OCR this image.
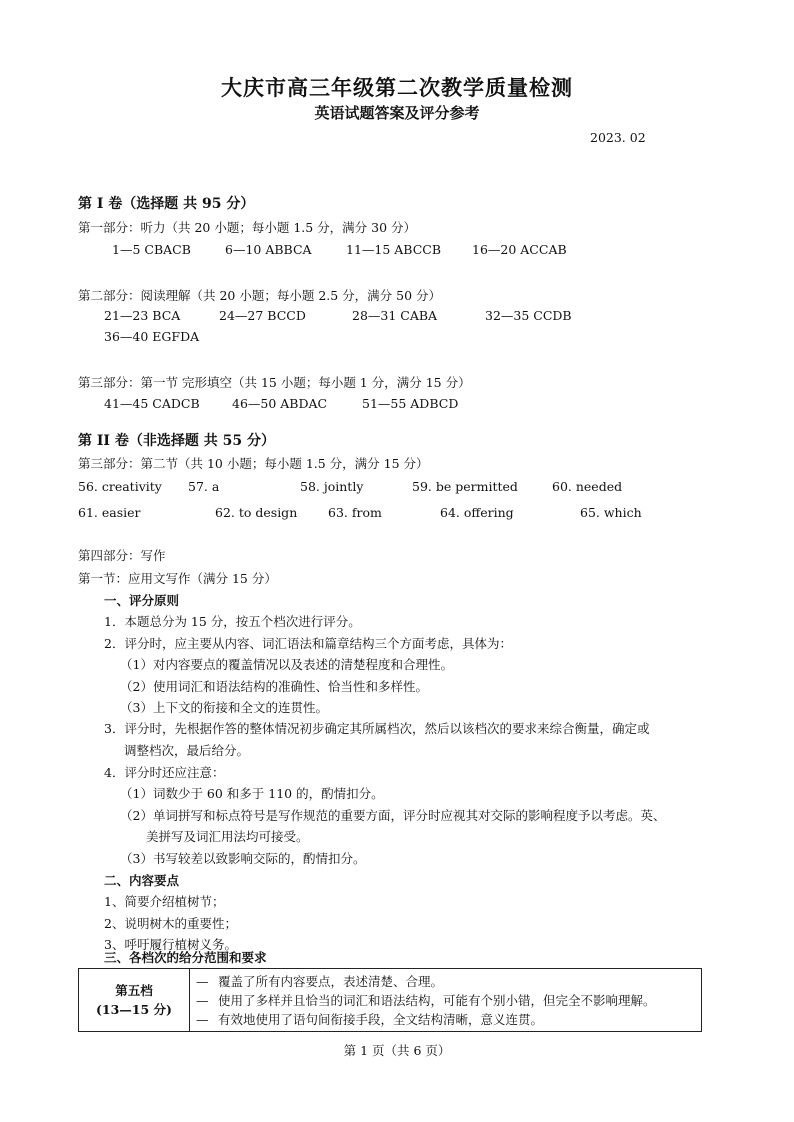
大庆市高三年级第二次教学质量检测
英语试题答案及评分参考
2023. 02
第 I 卷（选择题 共 95 分）
第一部分：听力（共 20 小题；每小题 1.5 分，满分 30 分）
1—5 CBACB	6—10 ABBCA	11—15 ABCCB 16—20 ACCAB
第二部分：阅读理解（共 20 小题；每小题 2.5 分，满分 50 分）
21—23 BCA	24—27 BCCD	28—31 CABA	32—35 CCDB
36—40 EGFDA
第三部分：第一节 完形填空（共 15 小题；每小题 1 分，满分 15 分）
41—45 CADCB	46—50 ABDAC	51—55 ADBCD
第 II 卷（非选择题 共 55 分）
第三部分：第二节（共 10 小题；每小题 1.5 分，满分 15 分）
56. creativity 57. a	58. jointly	59. be permitted	60. needed
61. easier	62. to design 63. from	64. offering	65. which
第四部分：写作
第一节：应用文写作（满分 15 分）
一、评分原则
1．本题总分为 15 分，按五个档次进行评分。
2．评分时，应主要从内容、词汇语法和篇章结构三个方面考虑，具体为：
（1）对内容要点的覆盖情况以及表述的清楚程度和合理性。
（2）使用词汇和语法结构的准确性、恰当性和多样性。
（3）上下文的衔接和全文的连贯性。
3．评分时，先根据作答的整体情况初步确定其所属档次，然后以该档次的要求来综合衡量，确定或
调整档次，最后给分。
4．评分时还应注意：
（1）词数少于 60 和多于 110 的，酌情扣分。
（2）单词拼写和标点符号是写作规范的重要方面，评分时应视其对交际的影响程度予以考虑。英、
美拼写及词汇用法均可接受。
（3）书写较差以致影响交际的，酌情扣分。
二、内容要点
1、简要介绍植树节；
2、说明树木的重要性；
3、呼吁履行植树义务。
三、各档次的给分范围和要求
第五档
(13—15 分)

— 覆盖了所有内容要点，表述清楚、合理。
— 使用了多样并且恰当的词汇和语法结构，可能有个别小错，但完全不影响理解。
— 有效地使用了语句间衔接手段，全文结构清晰，意义连贯。
第 1 页（共 6 页）
